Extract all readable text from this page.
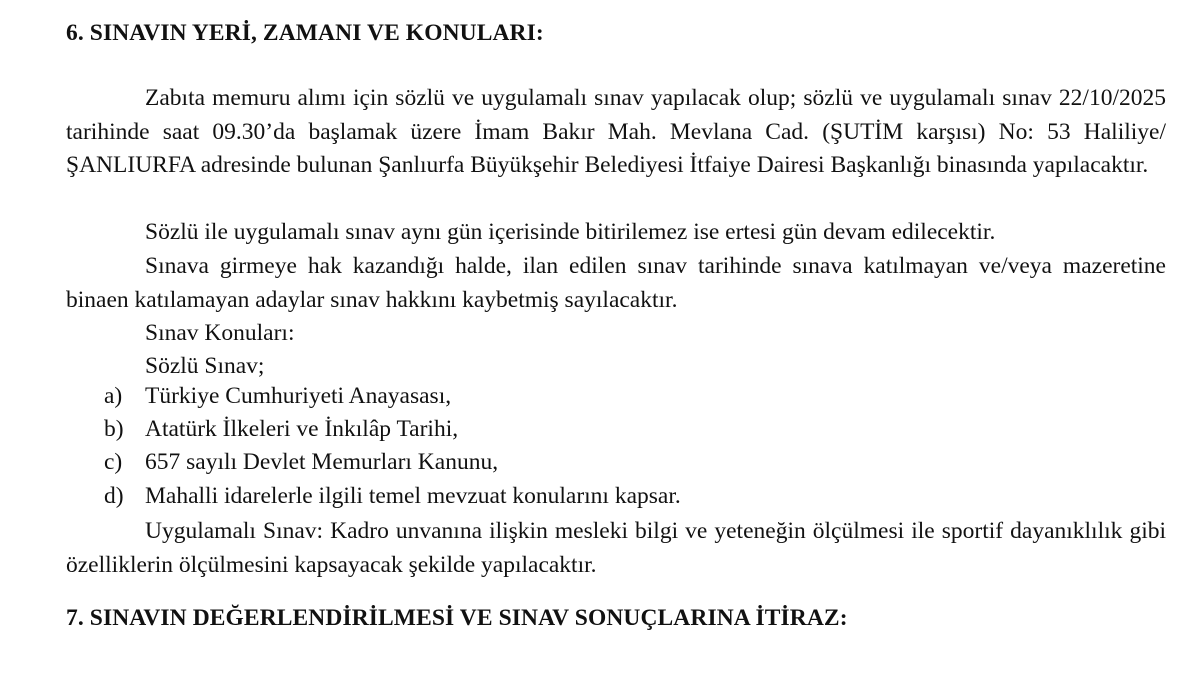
6. SINAVIN YERİ, ZAMANI VE KONULARI:

Zabıta memuru alımı için sözlü ve uygulamalı sınav yapılacak olup; sözlü ve uygulamalı sınav 22/10/2025 tarihinde saat 09.30’da başlamak üzere İmam Bakır Mah. Mevlana Cad. (ŞUTİM karşısı) No: 53 Haliliye/ŞANLIURFA adresinde bulunan Şanlıurfa Büyükşehir Belediyesi İtfaiye Dairesi Başkanlığı binasında yapılacaktır.

Sözlü ile uygulamalı sınav aynı gün içerisinde bitirilemez ise ertesi gün devam edilecektir.

Sınava girmeye hak kazandığı halde, ilan edilen sınav tarihinde sınava katılmayan ve/veya mazeretine binaen katılamayan adaylar sınav hakkını kaybetmiş sayılacaktır.

Sınav Konuları:
Sözlü Sınav;
a) Türkiye Cumhuriyeti Anayasası,
b) Atatürk İlkeleri ve İnkılâp Tarihi,
c) 657 sayılı Devlet Memurları Kanunu,
d) Mahalli idarelerle ilgili temel mevzuat konularını kapsar.

Uygulamalı Sınav: Kadro unvanına ilişkin mesleki bilgi ve yeteneğin ölçülmesi ile sportif dayanıklılık gibi özelliklerin ölçülmesini kapsayacak şekilde yapılacaktır.

7. SINAVIN DEĞERLENDİRİLMESİ VE SINAV SONUÇLARINA İTİRAZ:
